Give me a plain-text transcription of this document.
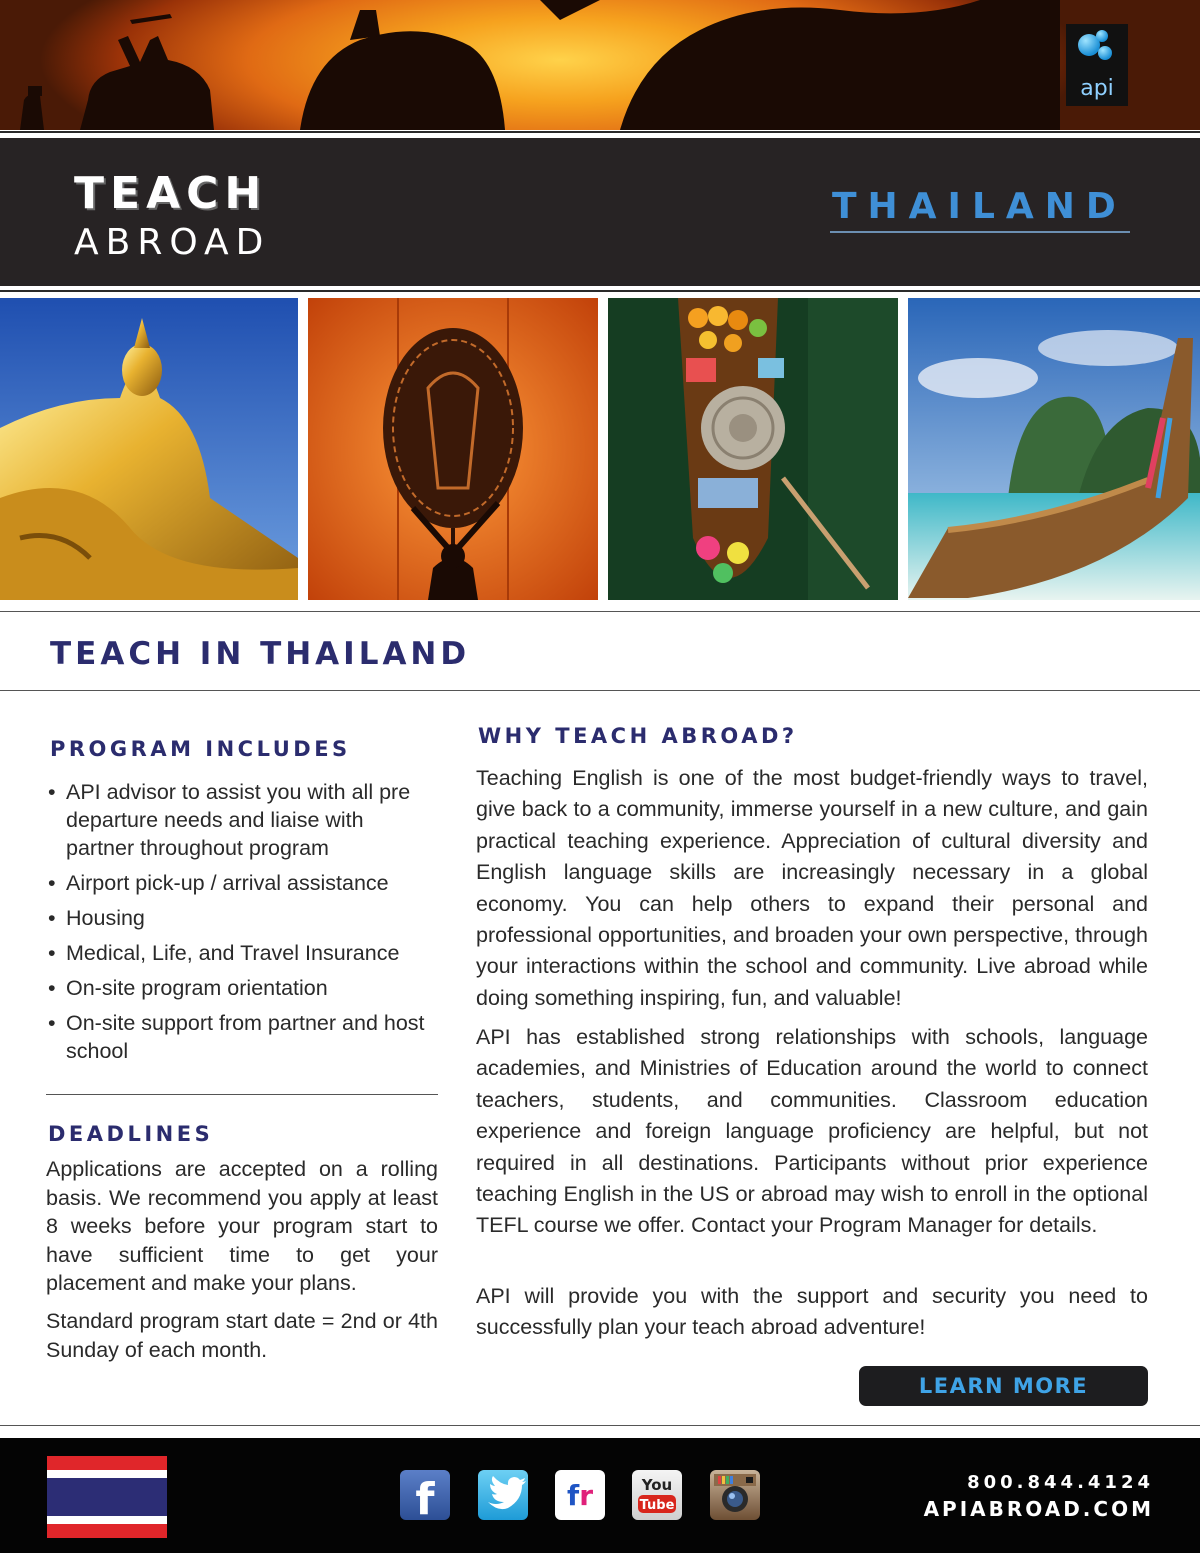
api
TEACH
ABROAD
THAILAND
TEACH IN THAILAND
PROGRAM INCLUDES
• API advisor to assist you with all pre departure needs and liaise with partner throughout program
• Airport pick-up / arrival assistance
• Housing
• Medical, Life, and Travel Insurance
• On-site program orientation
• On-site support from partner and host school
DEADLINES

Applications are accepted on a rolling basis. We recommend you apply at least 8 weeks before your program start to have sufficient time to get your placement and make your plans.

Standard program start date = 2nd or 4th Sunday of each month.

WHY TEACH ABROAD?

Teaching English is one of the most budget-friendly ways to travel, give back to a community, immerse yourself in a new culture, and gain practical teaching experience. Appreciation of cultural diversity and English language skills are increasingly necessary in a global economy. You can help others to expand their personal and professional opportunities, and broaden your own perspective, through your interactions within the school and community. Live abroad while doing something inspiring, fun, and valuable!

API has established strong relationships with schools, language academies, and Ministries of Education around the world to connect teachers, students, and communities. Classroom education experience and foreign language proficiency are helpful, but not required in all destinations. Participants without prior experience teaching English in the US or abroad may wish to enroll in the optional TEFL course we offer. Contact your Program Manager for details.

API will provide you with the support and security you need to successfully plan your teach abroad adventure!

LEARN MORE
f	fr	You
Tube
800.844.4124
APIABROAD.COM
